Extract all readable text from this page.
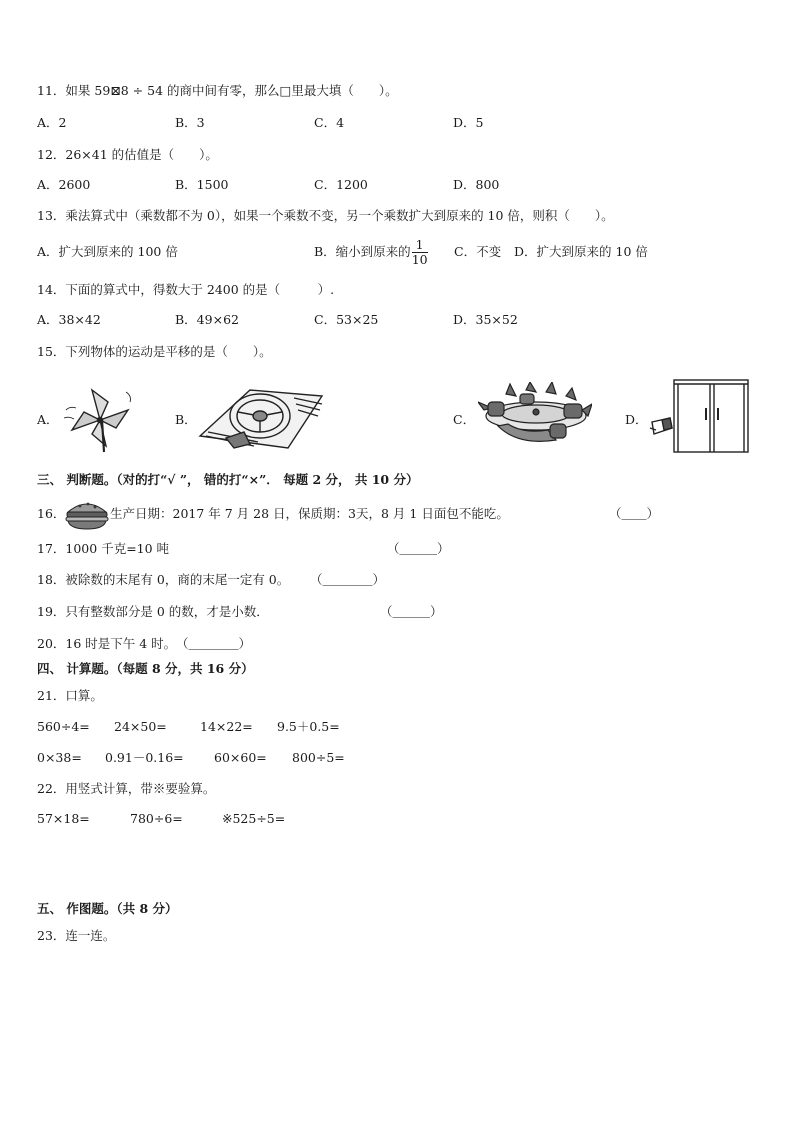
11．如果 59⊠8 ÷ 54 的商中间有零，那么□里最大填（　　）。
A．2	B．3	C．4	D．5
12．26×41 的估值是（　　）。
A．2600	B．1500	C．1200	D．800
13．乘法算式中（乘数都不为 0），如果一个乘数不变，另一个乘数扩大到原来的 10 倍，则积（　　）。
A．扩大到原来的 100 倍	B．缩小到原来的 $\frac{1}{10}$ C．不变 D．扩大到原来的 10 倍
14．下面的算式中，得数大于 2400 的是（　　　）.
A．38×42	B．49×62	C．53×25	D．35×52
15．下列物体的运动是平移的是（　　）。
A．	B．	C．	D．
三、 判断题。（对的打“√ ”， 错的打“×”． 每题 2 分， 共 10 分）
16．	生产日期：2017 年 7 月 28 日，保质期：3天，8 月 1 日面包不能吃。	（＿＿）
17．1000 千克=10 吨	（＿＿＿）
18．被除数的末尾有 0，商的末尾一定有 0。 （＿＿＿＿）
19．只有整数部分是 0 的数，才是小数．	（＿＿＿）
20．16 时是下午 4 时。 （＿＿＿＿）
四、 计算题。（每题 8 分，共 16 分）
21．口算。
560÷4= 24×50=	14×22= 9.5＋0.5=
0×38= 0.91－0.16= 60×60= 800÷5=
22．用竖式计算，带※要验算。
57×18=	780÷6=	※525÷5=
五、 作图题。（共 8 分）
23．连一连。
